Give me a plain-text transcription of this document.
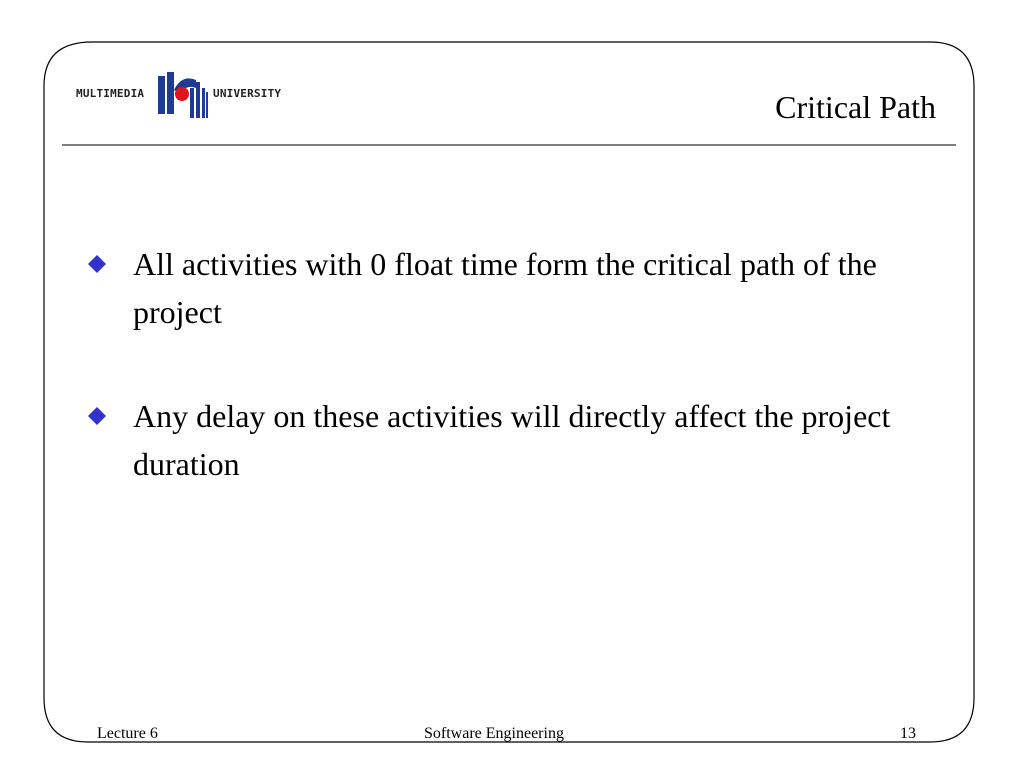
MULTIMEDIA	UNIVERSITY	Critical Path
All activities with 0 float time form the critical path of the project
Any delay on these activities will directly affect the project duration
Lecture 6	Software Engineering	13
